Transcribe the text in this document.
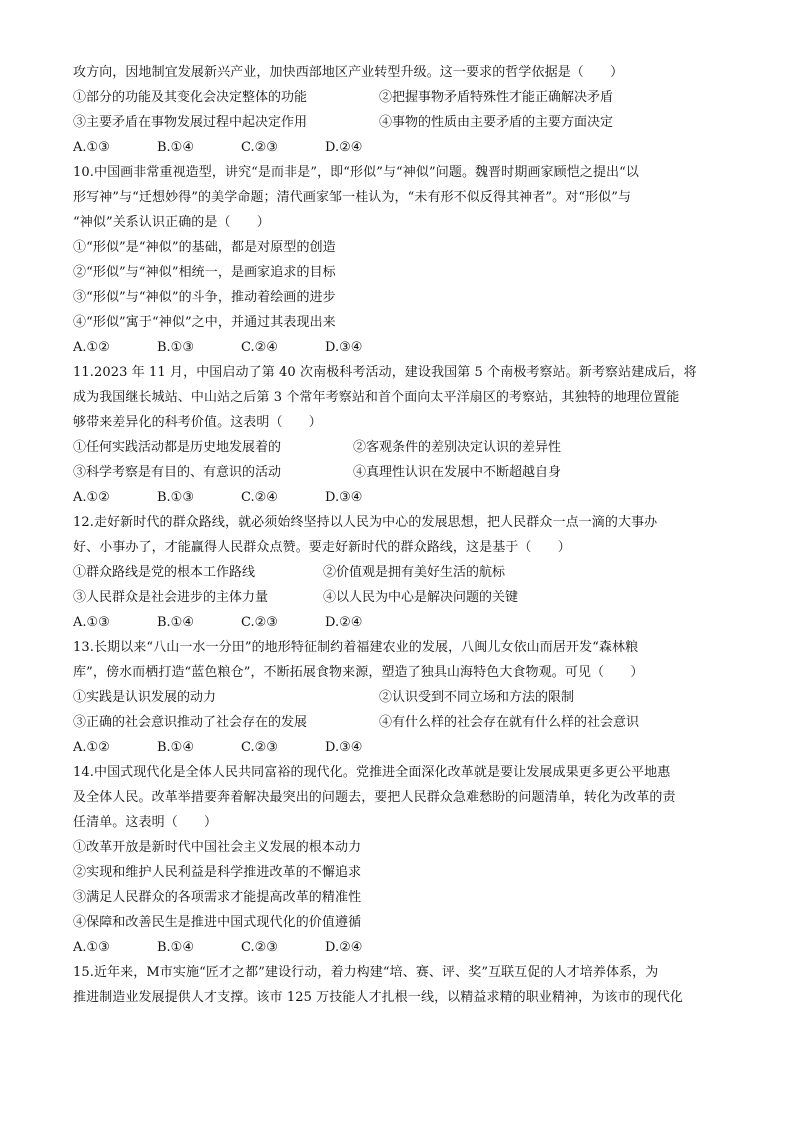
攻方向，因地制宜发展新兴产业，加快西部地区产业转型升级。这一要求的哲学依据是（　　）
①部分的功能及其变化会决定整体的功能	②把握事物矛盾特殊性才能正确解决矛盾
③主要矛盾在事物发展过程中起决定作用	④事物的性质由主要矛盾的主要方面决定
A.①③	B.①④	C.②③	D.②④
10.中国画非常重视造型，讲究“是而非是”，即“形似”与“神似”问题。魏晋时期画家顾恺之提出“以
形写神”与“迁想妙得”的美学命题；清代画家邹一桂认为，“未有形不似反得其神者”。对“形似”与
“神似”关系认识正确的是（　　）
①“形似”是“神似”的基础，都是对原型的创造
②“形似”与“神似”相统一，是画家追求的目标
③“形似”与“神似”的斗争，推动着绘画的进步
④“形似”寓于“神似”之中，并通过其表现出来
A.①②	B.①③	C.②④	D.③④
11.2023 年 11 月，中国启动了第 40 次南极科考活动，建设我国第 5 个南极考察站。新考察站建成后，将
成为我国继长城站、中山站之后第 3 个常年考察站和首个面向太平洋扇区的考察站，其独特的地理位置能
够带来差异化的科考价值。这表明（　　）
①任何实践活动都是历史地发展着的	②客观条件的差别决定认识的差异性
③科学考察是有目的、有意识的活动	④真理性认识在发展中不断超越自身
A.①②	B.①③	C.②④	D.③④
12.走好新时代的群众路线，就必须始终坚持以人民为中心的发展思想，把人民群众一点一滴的大事办
好、小事办了，才能赢得人民群众点赞。要走好新时代的群众路线，这是基于（　　）
①群众路线是党的根本工作路线	②价值观是拥有美好生活的航标
③人民群众是社会进步的主体力量	④以人民为中心是解决问题的关键
A.①③	B.①④	C.②③	D.②④
13.长期以来“八山一水一分田”的地形特征制约着福建农业的发展，八闽儿女依山而居开发“森林粮
库”，傍水而栖打造“蓝色粮仓”，不断拓展食物来源，塑造了独具山海特色大食物观。可见（　　）
①实践是认识发展的动力	②认识受到不同立场和方法的限制
③正确的社会意识推动了社会存在的发展	④有什么样的社会存在就有什么样的社会意识
A.①②	B.①④	C.②③	D.③④
14.中国式现代化是全体人民共同富裕的现代化。党推进全面深化改革就是要让发展成果更多更公平地惠
及全体人民。改革举措要奔着解决最突出的问题去，要把人民群众急难愁盼的问题清单，转化为改革的责
任清单。这表明（　　）
①改革开放是新时代中国社会主义发展的根本动力
②实现和维护人民利益是科学推进改革的不懈追求
③满足人民群众的各项需求才能提高改革的精准性
④保障和改善民生是推进中国式现代化的价值遵循
A.①③	B.①④	C.②③	D.②④
15.近年来，M市实施“匠才之都”建设行动，着力构建“培、赛、评、奖”互联互促的人才培养体系，为
推进制造业发展提供人才支撑。该市 125 万技能人才扎根一线，以精益求精的职业精神，为该市的现代化
